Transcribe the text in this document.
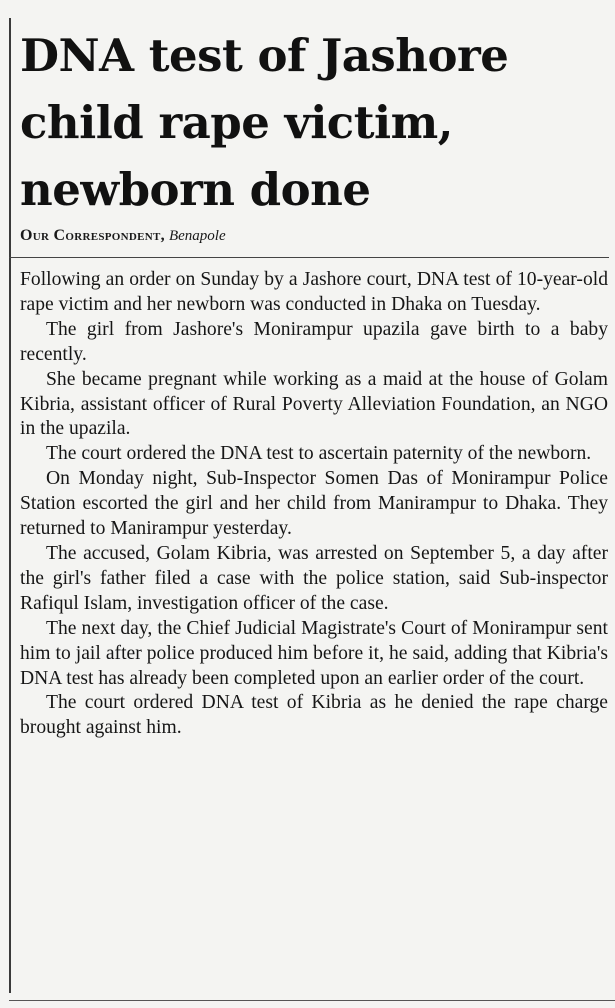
DNA test of Jashore
child rape victim,
newborn done
Our Correspondent, Benapole

Following an order on Sunday by a Jashore court, DNA test of 10-year-old rape victim and her newborn was conducted in Dhaka on Tuesday.

The girl from Jashore's Monirampur upazila gave birth to a baby recently.

She became pregnant while working as a maid at the house of Golam Kibria, assistant officer of Rural Poverty Alleviation Foundation, an NGO in the upazila.

The court ordered the DNA test to ascertain paternity of the newborn.

On Monday night, Sub-Inspector Somen Das of Monirampur Police Station escorted the girl and her child from Manirampur to Dhaka. They returned to Manirampur yesterday.

The accused, Golam Kibria, was arrested on September 5, a day after the girl's father filed a case with the police station, said Sub-inspector Rafiqul Islam, investigation officer of the case.

The next day, the Chief Judicial Magistrate's Court of Monirampur sent him to jail after police produced him before it, he said, adding that Kibria's DNA test has already been completed upon an earlier order of the court.

The court ordered DNA test of Kibria as he denied the rape charge brought against him.
